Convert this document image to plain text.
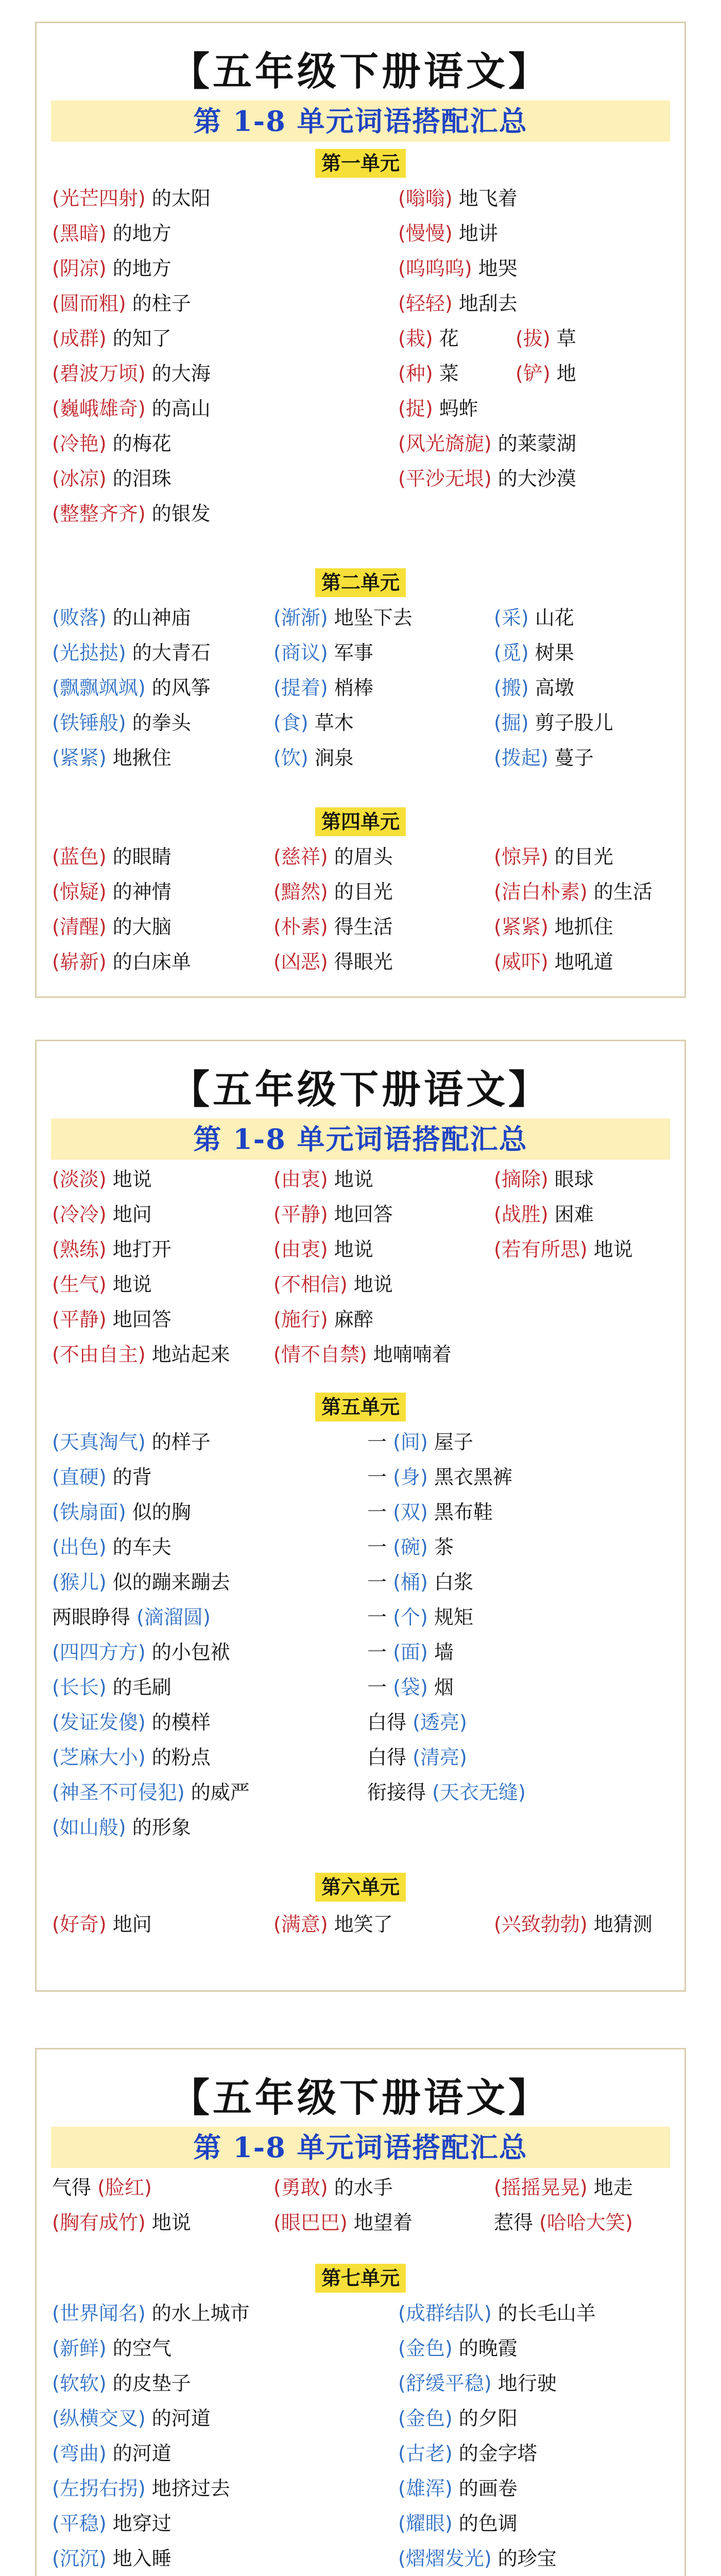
【五年级下册语文】
第 1-8 单元词语搭配汇总
第一单元
(光芒四射) 的太阳	(嗡嗡) 地飞着
(黑暗) 的地方	(慢慢) 地讲
(阴凉) 的地方	(呜呜呜) 地哭
(圆而粗) 的柱子	(轻轻) 地刮去
(成群) 的知了	(栽) 花	(拔) 草
(碧波万顷) 的大海	(种) 菜	(铲) 地
(巍峨雄奇) 的高山	(捉) 蚂蚱
(冷艳) 的梅花	(风光旖旎) 的莱蒙湖
(冰凉) 的泪珠	(平沙无垠) 的大沙漠
(整整齐齐) 的银发
第二单元
(败落) 的山神庙	(渐渐) 地坠下去	(采) 山花
(光挞挞) 的大青石	(商议) 军事	(觅) 树果
(飘飘飒飒) 的风筝	(提着) 梢棒	(搬) 高墩
(铁锤般) 的拳头	(食) 草木	(掘) 剪子股儿
(紧紧) 地揪住	(饮) 涧泉	(拨起) 蔓子
第四单元
(蓝色) 的眼睛	(慈祥) 的眉头	(惊异) 的目光
(惊疑) 的神情	(黯然) 的目光	(洁白朴素) 的生活
(清醒) 的大脑	(朴素) 得生活	(紧紧) 地抓住
(崭新) 的白床单	(凶恶) 得眼光	(威吓) 地吼道
【五年级下册语文】
第 1-8 单元词语搭配汇总
(淡淡) 地说	(由衷) 地说	(摘除) 眼球
(冷冷) 地问	(平静) 地回答	(战胜) 困难
(熟练) 地打开	(由衷) 地说	(若有所思) 地说
(生气) 地说	(不相信) 地说
(平静) 地回答	(施行) 麻醉
(不由自主) 地站起来 (情不自禁) 地喃喃着
第五单元
(天真淘气) 的样子	一 (间) 屋子
(直硬) 的背	一 (身) 黑衣黑裤
(铁扇面) 似的胸	一 (双) 黑布鞋
(出色) 的车夫	一 (碗) 茶
(猴儿) 似的蹦来蹦去	一 (桶) 白浆
两眼睁得 (滴溜圆)	一 (个) 规矩
(四四方方) 的小包袱	一 (面) 墙
(长长) 的毛刷	一 (袋) 烟
(发证发傻) 的模样	白得 (透亮)
(芝麻大小) 的粉点	白得 (清亮)
(神圣不可侵犯) 的威严	衔接得 (天衣无缝)
(如山般) 的形象
第六单元
(好奇) 地问	(满意) 地笑了	(兴致勃勃) 地猜测
【五年级下册语文】
第 1-8 单元词语搭配汇总
气得 (脸红)	(勇敢) 的水手	(摇摇晃晃) 地走
(胸有成竹) 地说	(眼巴巴) 地望着	惹得 (哈哈大笑)
第七单元
(世界闻名) 的水上城市	(成群结队) 的长毛山羊
(新鲜) 的空气	(金色) 的晚霞
(软软) 的皮垫子	(舒缓平稳) 地行驶
(纵横交叉) 的河道	(金色) 的夕阳
(弯曲) 的河道	(古老) 的金字塔
(左拐右拐) 地挤过去	(雄浑) 的画卷
(平稳) 地穿过	(耀眼) 的色调
(沉沉) 地入睡	(熠熠发光) 的珍宝
